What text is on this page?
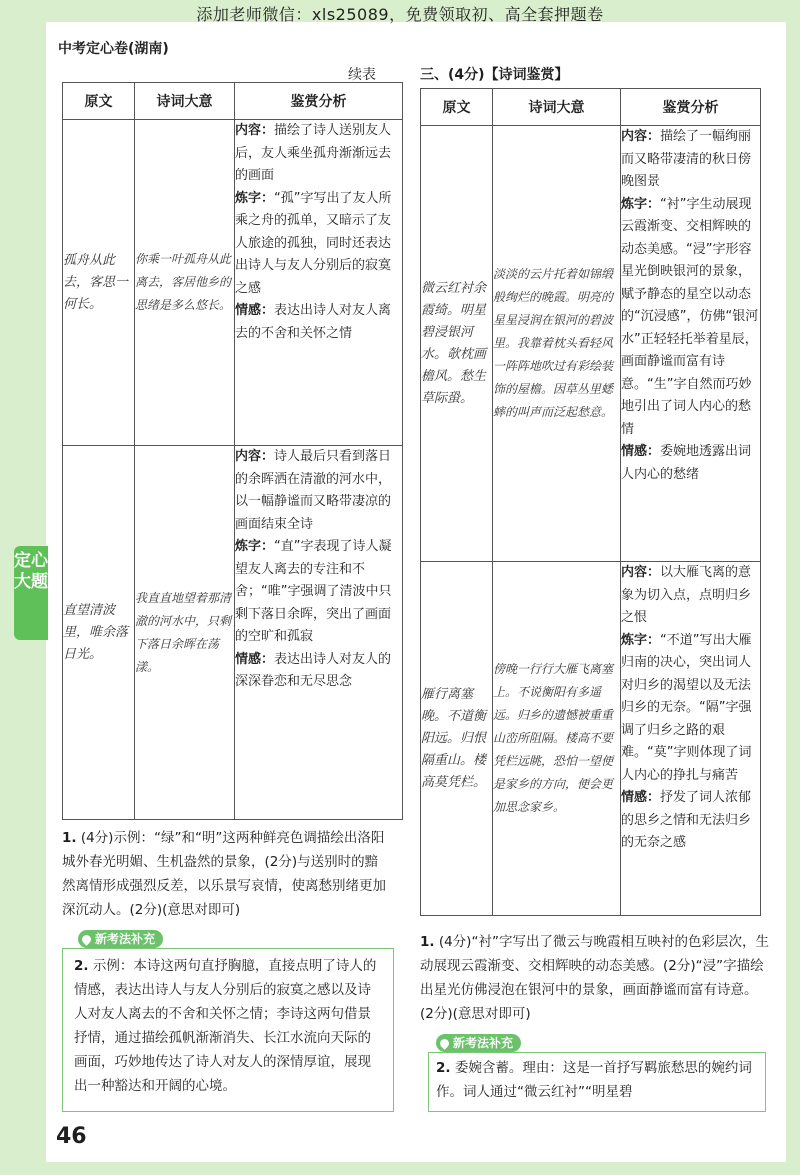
添加老师微信：xls25089，免费领取初、高全套押题卷
中考定心卷(湖南)
定心大题
续表
原文	诗词大意	鉴赏分析
孤舟从此去，客思一何长。	你乘一叶孤舟从此离去，客居他乡的思绪是多么悠长。	内容：描绘了诗人送别友人后，友人乘坐孤舟渐渐远去的画面

炼字：“孤”字写出了友人所乘之舟的孤单，又暗示了友人旅途的孤独，同时还表达出诗人与友人分别后的寂寞之感

情感：表达出诗人对友人离去的不舍和关怀之情

直望清波里，唯余落日光。	我直直地望着那清澈的河水中，只剩下落日余晖在荡漾。	内容：诗人最后只看到落日的余晖洒在清澈的河水中，以一幅静谧而又略带凄凉的画面结束全诗

炼字：“直”字表现了诗人凝望友人离去的专注和不舍；“唯”字强调了清波中只剩下落日余晖，突出了画面的空旷和孤寂

情感：表达出诗人对友人的深深眷恋和无尽思念

1. (4分)示例：“绿”和“明”这两种鲜亮色调描绘出洛阳城外春光明媚、生机盎然的景象，(2分)与送别时的黯然离情形成强烈反差，以乐景写哀情，使离愁别绪更加深沉动人。(2分)(意思对即可)
新考法补充
2. 示例：本诗这两句直抒胸臆，直接点明了诗人的情感，表达出诗人与友人分别后的寂寞之感以及诗人对友人离去的不舍和关怀之情；李诗这两句借景抒情，通过描绘孤帆渐渐消失、长江水流向天际的画面，巧妙地传达了诗人对友人的深情厚谊，展现出一种豁达和开阔的心境。
三、(4分)【诗词鉴赏】
原文	诗词大意	鉴赏分析
微云红衬余霞绮。明星碧浸银河水。欹枕画檐风。愁生草际蛩。	淡淡的云片托着如锦缎般绚烂的晚霞。明亮的星星浸润在银河的碧波里。我靠着枕头看轻风一阵阵地吹过有彩绘装饰的屋檐。因草丛里蟋蟀的叫声而泛起愁意。	内容：描绘了一幅绚丽而又略带凄清的秋日傍晚图景

炼字：“衬”字生动展现云霞渐变、交相辉映的动态美感。“浸”字形容星光倒映银河的景象，赋予静态的星空以动态的“沉浸感”，仿佛“银河水”正轻轻托举着星辰，画面静谧而富有诗意。“生”字自然而巧妙地引出了词人内心的愁情

情感：委婉地透露出词人内心的愁绪

雁行离塞晚。不道衡阳远。归恨隔重山。楼高莫凭栏。	傍晚一行行大雁飞离塞上。不说衡阳有多遥远。归乡的遗憾被重重山峦所阻隔。楼高不要凭栏远眺，恐怕一望便是家乡的方向，便会更加思念家乡。	内容：以大雁飞离的意象为切入点，点明归乡之恨

炼字：“不道”写出大雁归南的决心，突出词人对归乡的渴望以及无法归乡的无奈。“隔”字强调了归乡之路的艰难。“莫”字则体现了词人内心的挣扎与痛苦

情感：抒发了词人浓郁的思乡之情和无法归乡的无奈之感

1. (4分)“衬”字写出了微云与晚霞相互映衬的色彩层次，生动展现云霞渐变、交相辉映的动态美感。(2分)“浸”字描绘出星光仿佛浸泡在银河中的景象，画面静谧而富有诗意。(2分)(意思对即可)
新考法补充
2. 委婉含蓄。理由：这是一首抒写羁旅愁思的婉约词作。词人通过“微云红衬”“明星碧
46
